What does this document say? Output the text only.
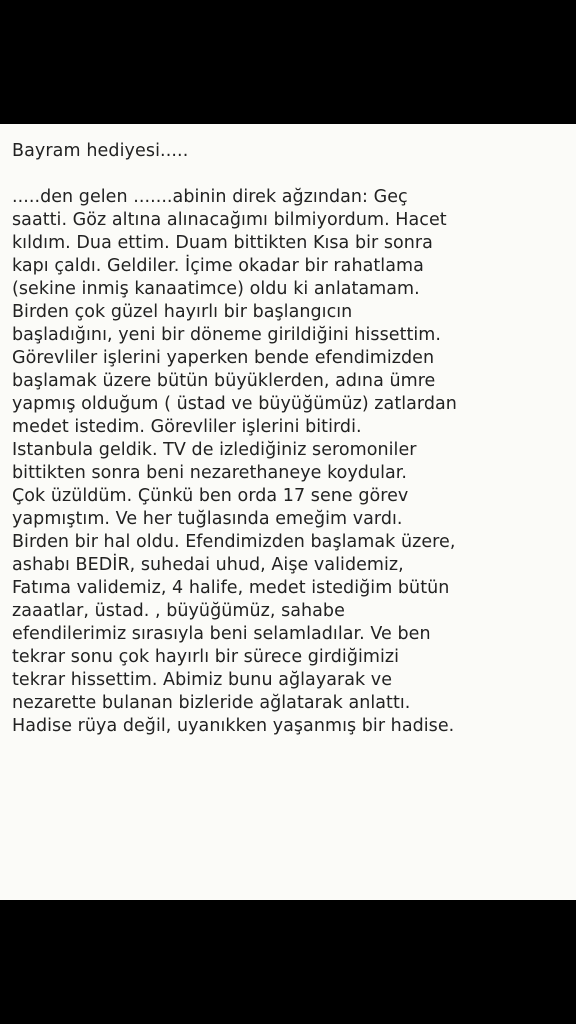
Bayram hediyesi.....
.....den gelen .......abinin direk ağzından: Geç
saatti. Göz altına alınacağımı bilmiyordum. Hacet
kıldım. Dua ettim. Duam bittikten Kısa bir sonra
kapı çaldı. Geldiler. İçime okadar bir rahatlama
(sekine inmiş kanaatimce) oldu ki anlatamam.
Birden çok güzel hayırlı bir başlangıcın
başladığını, yeni bir döneme girildiğini hissettim.
Görevliler işlerini yaperken bende efendimizden
başlamak üzere bütün büyüklerden, adına ümre
yapmış olduğum ( üstad ve büyüğümüz) zatlardan
medet istedim. Görevliler işlerini bitirdi.
Istanbula geldik. TV de izlediğiniz seromoniler
bittikten sonra beni nezarethaneye koydular.
Çok üzüldüm. Çünkü ben orda 17 sene görev
yapmıştım. Ve her tuğlasında emeğim vardı.
Birden bir hal oldu. Efendimizden başlamak üzere,
ashabı BEDİR, suhedai uhud, Aişe validemiz,
Fatıma validemiz, 4 halife, medet istediğim bütün
zaaatlar, üstad. , büyüğümüz, sahabe
efendilerimiz sırasıyla beni selamladılar. Ve ben
tekrar sonu çok hayırlı bir sürece girdiğimizi
tekrar hissettim. Abimiz bunu ağlayarak ve
nezarette bulanan bizleride ağlatarak anlattı.
Hadise rüya değil, uyanıkken yaşanmış bir hadise.
